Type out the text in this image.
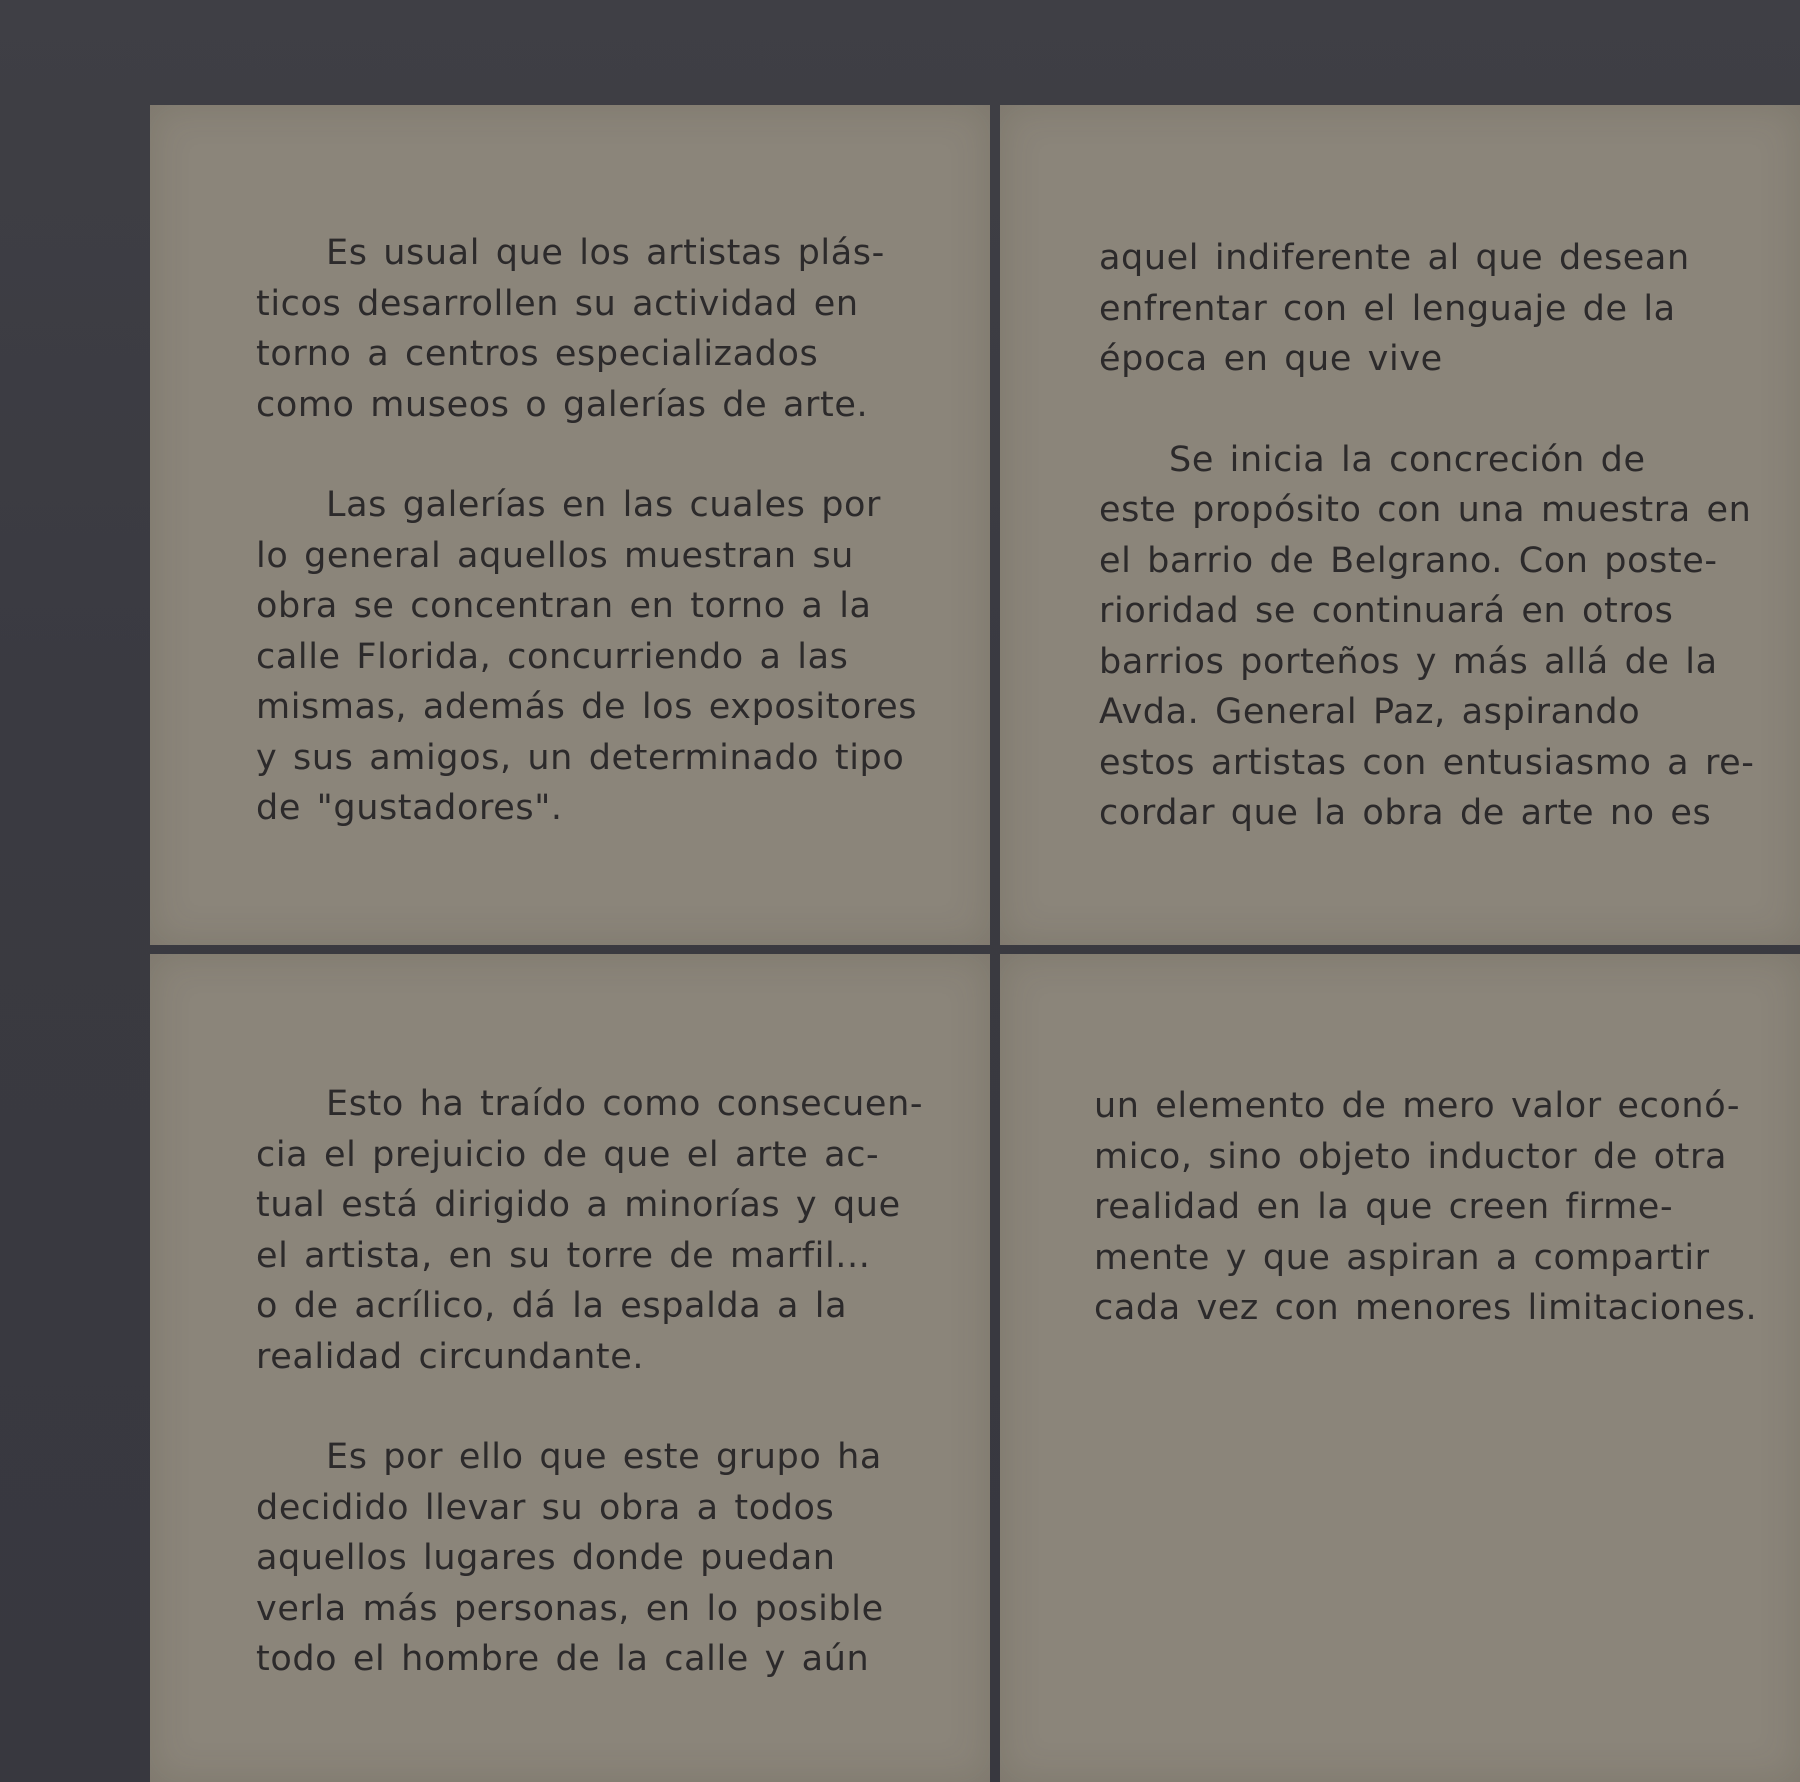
Es usual que los artistas plás-
ticos desarrollen su actividad en
torno a centros especializados
como museos o galerías de arte.

Las galerías en las cuales por
lo general aquellos muestran su
obra se concentran en torno a la
calle Florida, concurriendo a las
mismas, además de los expositores
y sus amigos, un determinado tipo
de "gustadores".

aquel indiferente al que desean
enfrentar con el lenguaje de la
época en que vive

Se inicia la concreción de
este propósito con una muestra en
el barrio de Belgrano. Con poste-
rioridad se continuará en otros
barrios porteños y más allá de la
Avda. General Paz, aspirando
estos artistas con entusiasmo a re-
cordar que la obra de arte no es

Esto ha traído como consecuen-
cia el prejuicio de que el arte ac-
tual está dirigido a minorías y que
el artista, en su torre de marfil...
o de acrílico, dá la espalda a la
realidad circundante.

Es por ello que este grupo ha
decidido llevar su obra a todos
aquellos lugares donde puedan
verla más personas, en lo posible
todo el hombre de la calle y aún

un elemento de mero valor econó-
mico, sino objeto inductor de otra
realidad en la que creen firme-
mente y que aspiran a compartir
cada vez con menores limitaciones.
